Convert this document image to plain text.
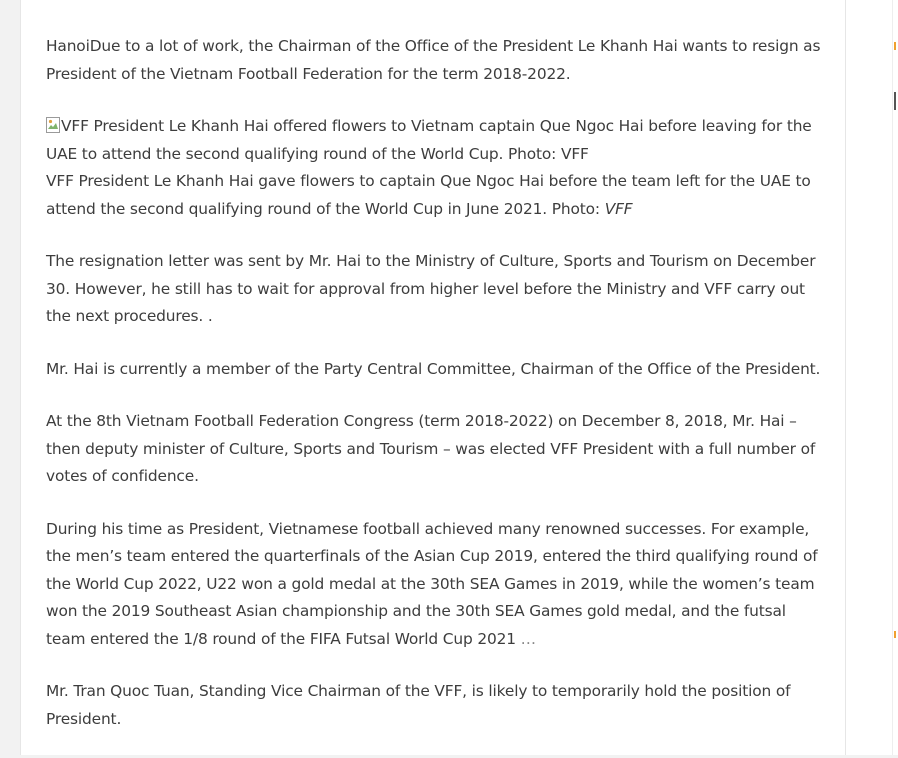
HanoiDue to a lot of work, the Chairman of the Office of the President Le Khanh Hai wants to resign as President of the Vietnam Football Federation for the term 2018-2022.

VFF President Le Khanh Hai offered flowers to Vietnam captain Que Ngoc Hai before leaving for the UAE to attend the second qualifying round of the World Cup. Photo: VFF
VFF President Le Khanh Hai gave flowers to captain Que Ngoc Hai before the team left for the UAE to attend the second qualifying round of the World Cup in June 2021. Photo: VFF

The resignation letter was sent by Mr. Hai to the Ministry of Culture, Sports and Tourism on December 30. However, he still has to wait for approval from higher level before the Ministry and VFF carry out the next procedures. .

Mr. Hai is currently a member of the Party Central Committee, Chairman of the Office of the President.

At the 8th Vietnam Football Federation Congress (term 2018-2022) on December 8, 2018, Mr. Hai – then deputy minister of Culture, Sports and Tourism – was elected VFF President with a full number of votes of confidence.

During his time as President, Vietnamese football achieved many renowned successes. For example, the men’s team entered the quarterfinals of the Asian Cup 2019, entered the third qualifying round of the World Cup 2022, U22 won a gold medal at the 30th SEA Games in 2019, while the women’s team won the 2019 Southeast Asian championship and the 30th SEA Games gold medal, and the futsal team entered the 1/8 round of the FIFA Futsal World Cup 2021 …

Mr. Tran Quoc Tuan, Standing Vice Chairman of the VFF, is likely to temporarily hold the position of President.
